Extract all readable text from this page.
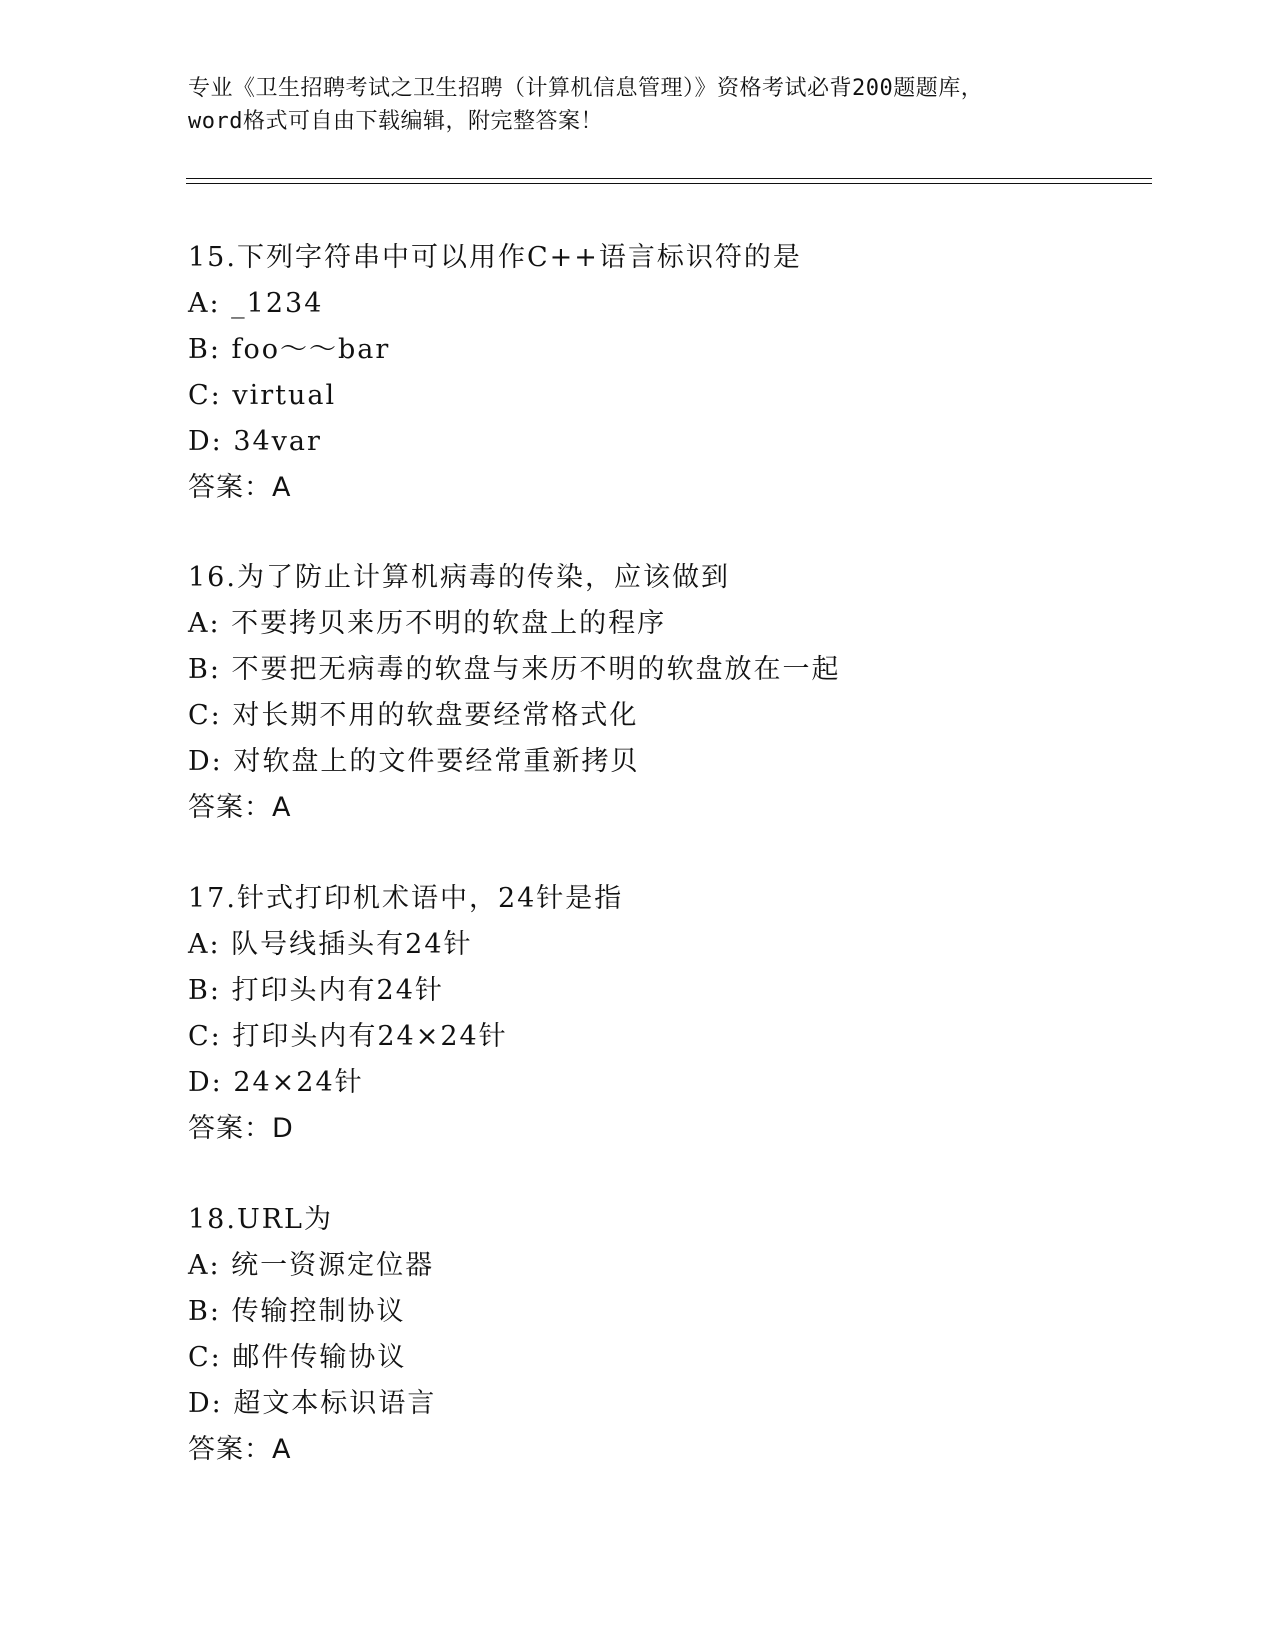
专业《卫生招聘考试之卫生招聘（计算机信息管理）》资格考试必背200题题库，
word格式可自由下载编辑，附完整答案！
15.下列字符串中可以用作C++语言标识符的是
A: _1234
B: foo～～bar
C: virtual
D: 34var
答案：A
16.为了防止计算机病毒的传染，应该做到
A: 不要拷贝来历不明的软盘上的程序
B: 不要把无病毒的软盘与来历不明的软盘放在一起
C: 对长期不用的软盘要经常格式化
D: 对软盘上的文件要经常重新拷贝
答案：A
17.针式打印机术语中，24针是指
A: 队号线插头有24针
B: 打印头内有24针
C: 打印头内有24×24针
D: 24×24针
答案：D
18.URL为
A: 统一资源定位器
B: 传输控制协议
C: 邮件传输协议
D: 超文本标识语言
答案：A
